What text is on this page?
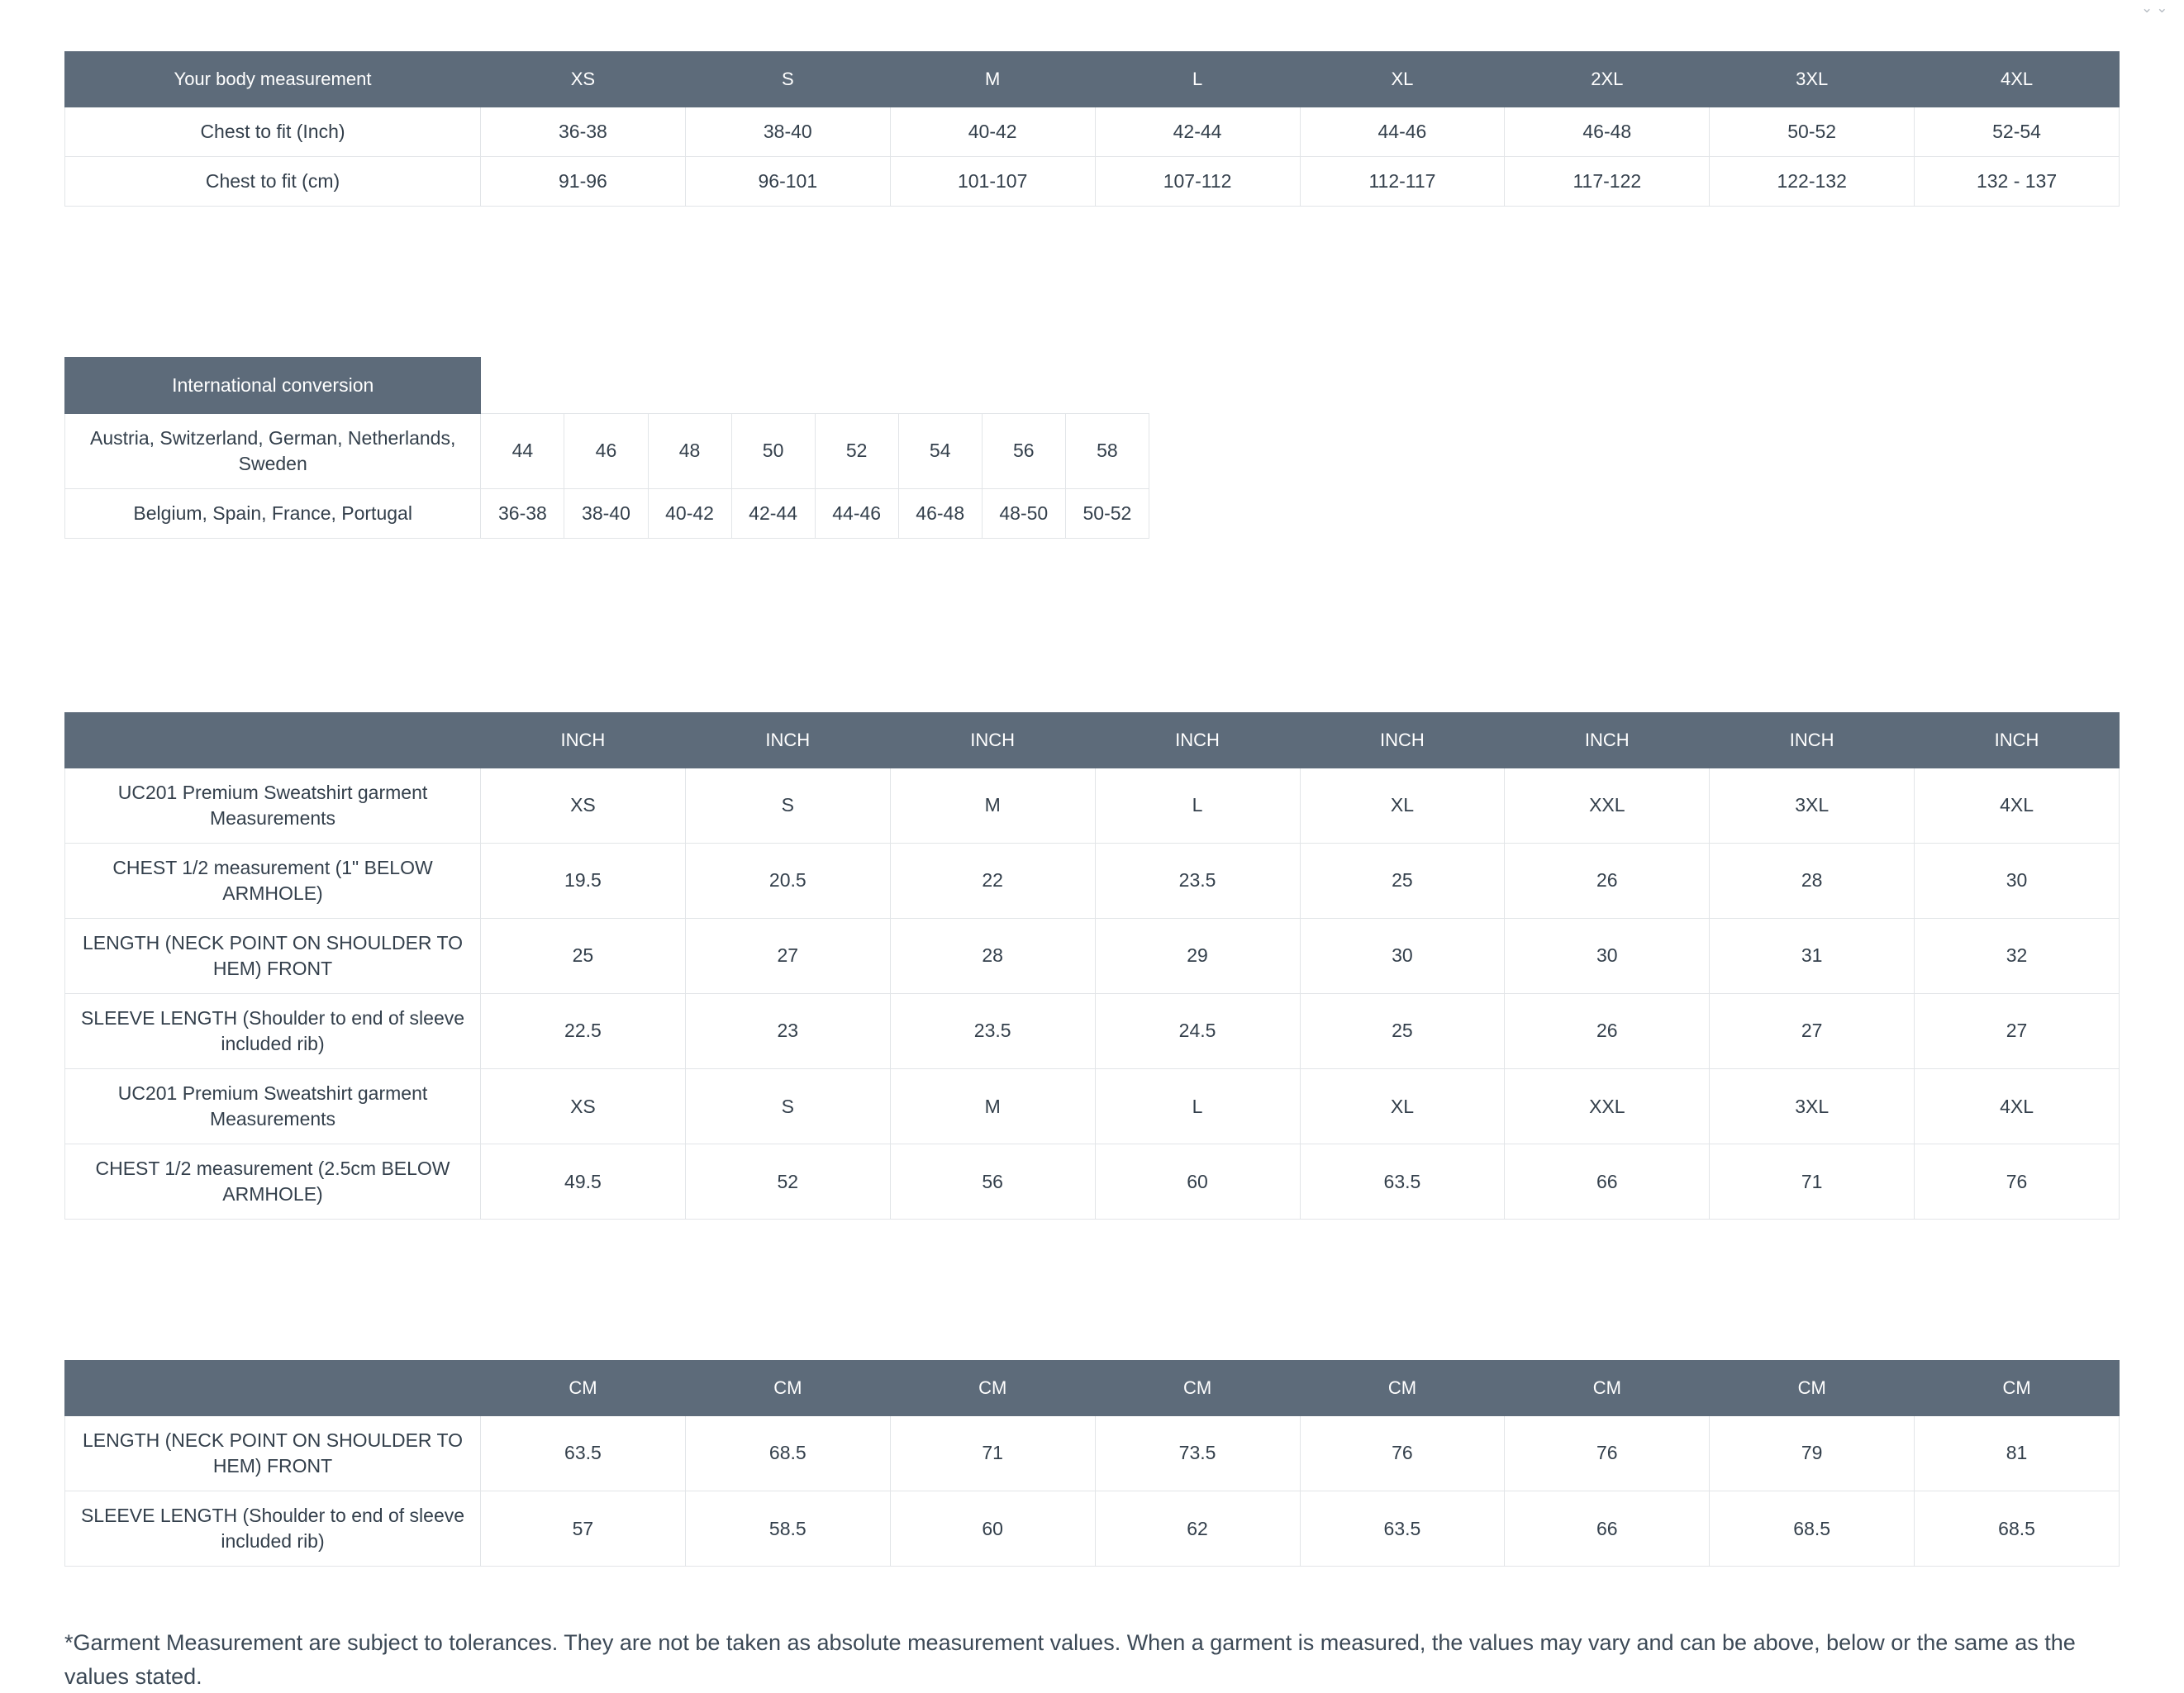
⌄⌄
Your body measurement	XS	S	M	L	XL	2XL	3XL	4XL
Chest to fit (Inch)	36-38	38-40	40-42	42-44	44-46	46-48	50-52	52-54
Chest to fit (cm)	91-96	96-101	101-107	107-112	112-117	117-122	122-132	132 - 137
International conversion								
Austria, Switzerland, German, Netherlands, Sweden	44	46	48	50	52	54	56	58
Belgium, Spain, France, Portugal	36-38	38-40	40-42	42-44	44-46	46-48	48-50	50-52
	INCH	INCH	INCH	INCH	INCH	INCH	INCH	INCH
UC201 Premium Sweatshirt garment Measurements	XS	S	M	L	XL	XXL	3XL	4XL
CHEST 1/2 measurement (1" BELOW ARMHOLE)	19.5	20.5	22	23.5	25	26	28	30
LENGTH (NECK POINT ON SHOULDER TO HEM) FRONT	25	27	28	29	30	30	31	32
SLEEVE LENGTH (Shoulder to end of sleeve included rib)	22.5	23	23.5	24.5	25	26	27	27
UC201 Premium Sweatshirt garment Measurements	XS	S	M	L	XL	XXL	3XL	4XL
CHEST 1/2 measurement (2.5cm BELOW ARMHOLE)	49.5	52	56	60	63.5	66	71	76
	CM	CM	CM	CM	CM	CM	CM	CM
LENGTH (NECK POINT ON SHOULDER TO HEM) FRONT	63.5	68.5	71	73.5	76	76	79	81
SLEEVE LENGTH (Shoulder to end of sleeve included rib)	57	58.5	60	62	63.5	66	68.5	68.5
*Garment Measurement are subject to tolerances. They are not be taken as absolute measurement values. When a garment is measured, the values may vary and can be above, below or the same as the values stated.
